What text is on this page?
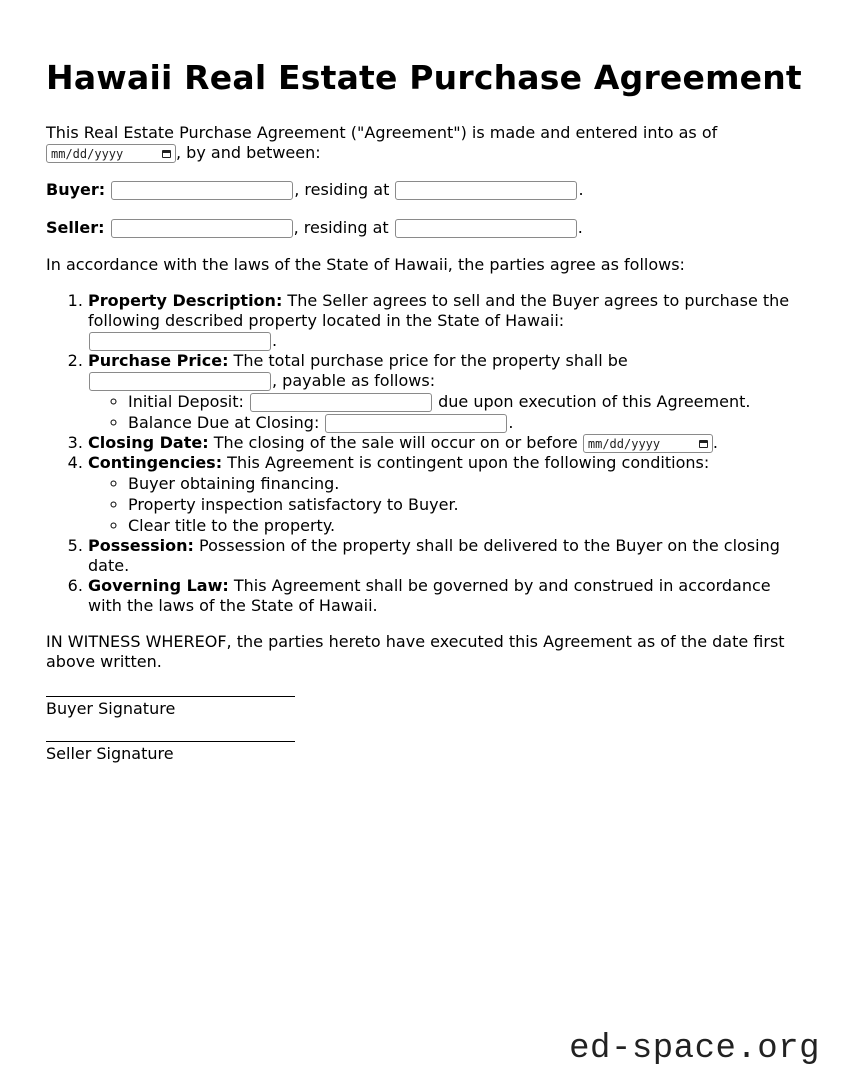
Hawaii Real Estate Purchase Agreement

This Real Estate Purchase Agreement ("Agreement") is made and entered into as of

mm/dd/yyyy	, by and between:

Buyer:	, residing at	.

Seller:	, residing at	.

In accordance with the laws of the State of Hawaii, the parties agree as follows:

1. Property Description: The Seller agrees to sell and the Buyer agrees to purchase the following described property located in the State of Hawaii:
.
2. Purchase Price: The total purchase price for the property shall be
, payable as follows:
◦ Initial Deposit:	due upon execution of this Agreement.
◦ Balance Due at Closing:	.
3. Closing Date: The closing of the sale will occur on or before mm/dd/yyyy	.
4. Contingencies: This Agreement is contingent upon the following conditions:
◦ Buyer obtaining financing.
◦ Property inspection satisfactory to Buyer.
◦ Clear title to the property.
5. Possession: Possession of the property shall be delivered to the Buyer on the closing date.
6. Governing Law: This Agreement shall be governed by and construed in accordance with the laws of the State of Hawaii.

IN WITNESS WHEREOF, the parties hereto have executed this Agreement as of the date first above written.

Buyer Signature
Seller Signature
ed-space.org
